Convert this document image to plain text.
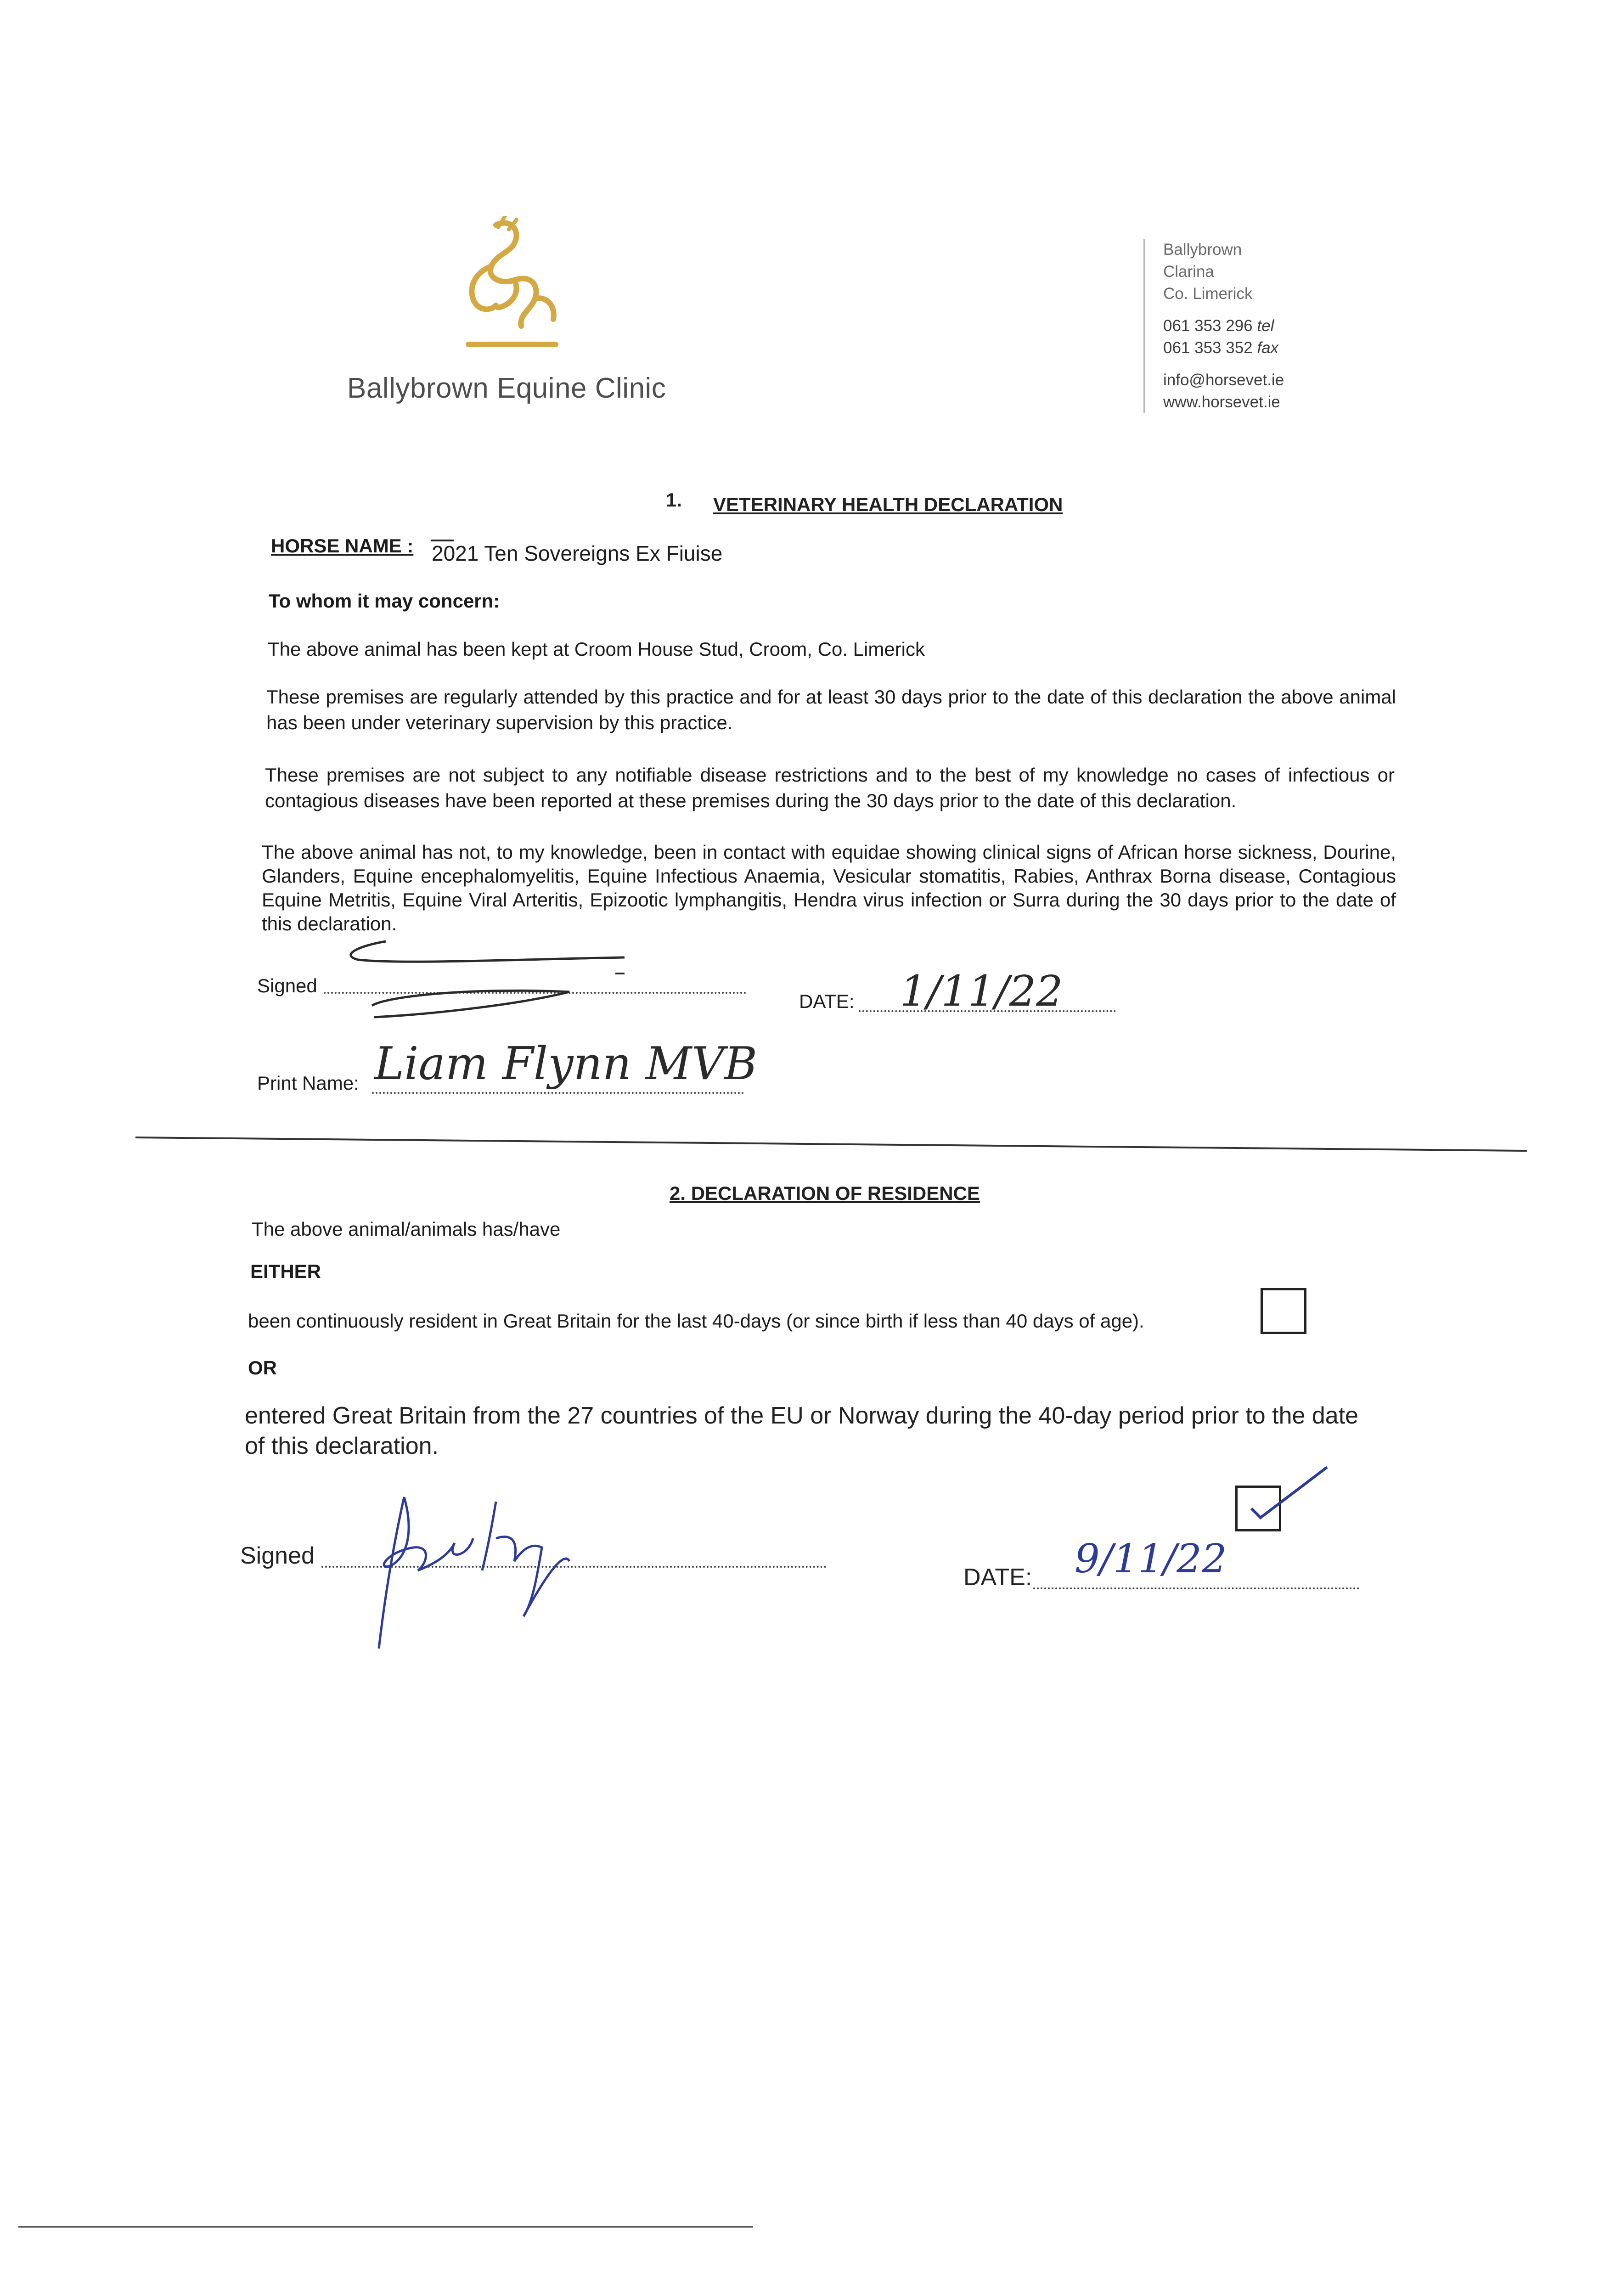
Ballybrown Equine Clinic
Ballybrown
Clarina
Co. Limerick
061 353 296 tel
061 353 352 fax
info@horsevet.ie
www.horsevet.ie
1. VETERINARY HEALTH DECLARATION
HORSE NAME : 2021 Ten Sovereigns Ex Fiuise
To whom it may concern:
The above animal has been kept at Croom House Stud, Croom, Co. Limerick
These premises are regularly attended by this practice and for at least 30 days prior to the date of this declaration the above animal has been under veterinary supervision by this practice.
These premises are not subject to any notifiable disease restrictions and to the best of my knowledge no cases of infectious or contagious diseases have been reported at these premises during the 30 days prior to the date of this declaration.
The above animal has not, to my knowledge, been in contact with equidae showing clinical signs of African horse sickness, Dourine, Glanders, Equine encephalomyelitis, Equine Infectious Anaemia, Vesicular stomatitis, Rabies, Anthrax Borna disease, Contagious Equine Metritis, Equine Viral Arteritis, Epizootic lymphangitis, Hendra virus infection or Surra during the 30 days prior to the date of this declaration.
Signed
DATE: 1/11/22
Print Name: Liam Flynn MVB
2. DECLARATION OF RESIDENCE
The above animal/animals has/have
EITHER
been continuously resident in Great Britain for the last 40-days (or since birth if less than 40 days of age).
OR
entered Great Britain from the 27 countries of the EU or Norway during the 40-day period prior to the date of this declaration.
Signed
DATE: 9/11/22
